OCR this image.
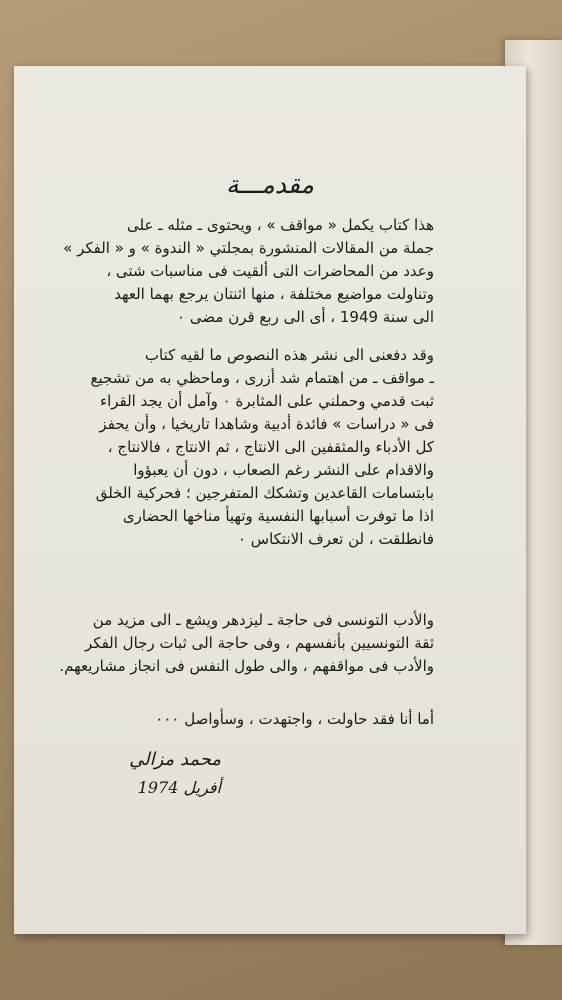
مقدمـــة
هذا كتاب يكمل « مواقف » ، ويحتوى ـ مثله ـ على
جملة من المقالات المنشورة بمجلتي « الندوة » و « الفكر »
وعدد من المحاضرات التى ألقيت فى مناسبات شتى ،
وتناولت مواضيع مختلفة ، منها اثنتان يرجع بهما العهد
الى سنة 1949 ، أى الى ربع قرن مضى ٠
وقد دفعنى الى نشر هذه النصوص ما لقيه كتاب
ـ مواقف ـ من اهتمام شد أزرى ، وماحظي به من تشجيع
ثبت قدمي وحملني على المثابرة ٠ وآمل أن يجد القراء
فى « دراسات » فائدة أدبية وشاهدا تاريخيا ، وأن يحفز
كل الأدباء والمثقفين الى الانتاج ، ثم الانتاج ، فالانتاج ،
والاقدام على النشر رغم الصعاب ، دون أن يعبؤوا
بابتسامات القاعدين وتشكك المتفرجين ؛ فحركية الخلق
اذا ما توفرت أسبابها النفسية وتهيأ مناخها الحضارى
فانطلقت ، لن تعرف الانتكاس ٠
والأدب التونسى فى حاجة ـ ليزدهر ويشع ـ الى مزيد من
ثقة التونسيين بأنفسهم ، وفى حاجة الى ثبات رجال الفكر
والأدب فى مواقفهم ، والى طول النفس فى انجاز مشاريعهم.
أما أنا فقد حاولت ، واجتهدت ، وسأواصل ٠٠٠
محمد مزالي
أفريل 1974
